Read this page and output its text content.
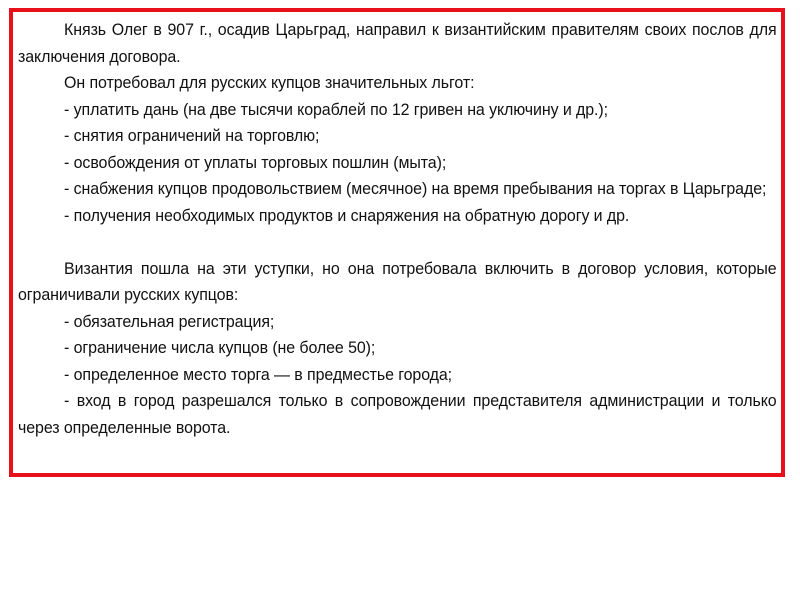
Князь Олег в 907 г., осадив Царьград, направил к византийским правителям своих послов для заключения договора.

Он потребовал для русских купцов значительных льгот:

- уплатить дань (на две тысячи кораблей по 12 гривен на уключину и др.);

- снятия ограничений на торговлю;

- освобождения от уплаты торговых пошлин (мыта);

- снабжения купцов продовольствием (месячное) на время пребывания на торгах в Царьграде;

- получения необходимых продуктов и снаряжения на обратную дорогу и др.

Византия пошла на эти уступки, но она потребовала включить в договор условия, которые ограничивали русских купцов:

- обязательная регистрация;

- ограничение числа купцов (не более 50);

- определенное место торга — в предместье города;

- вход в город разрешался только в сопровождении представителя администрации и только через определенные ворота.
